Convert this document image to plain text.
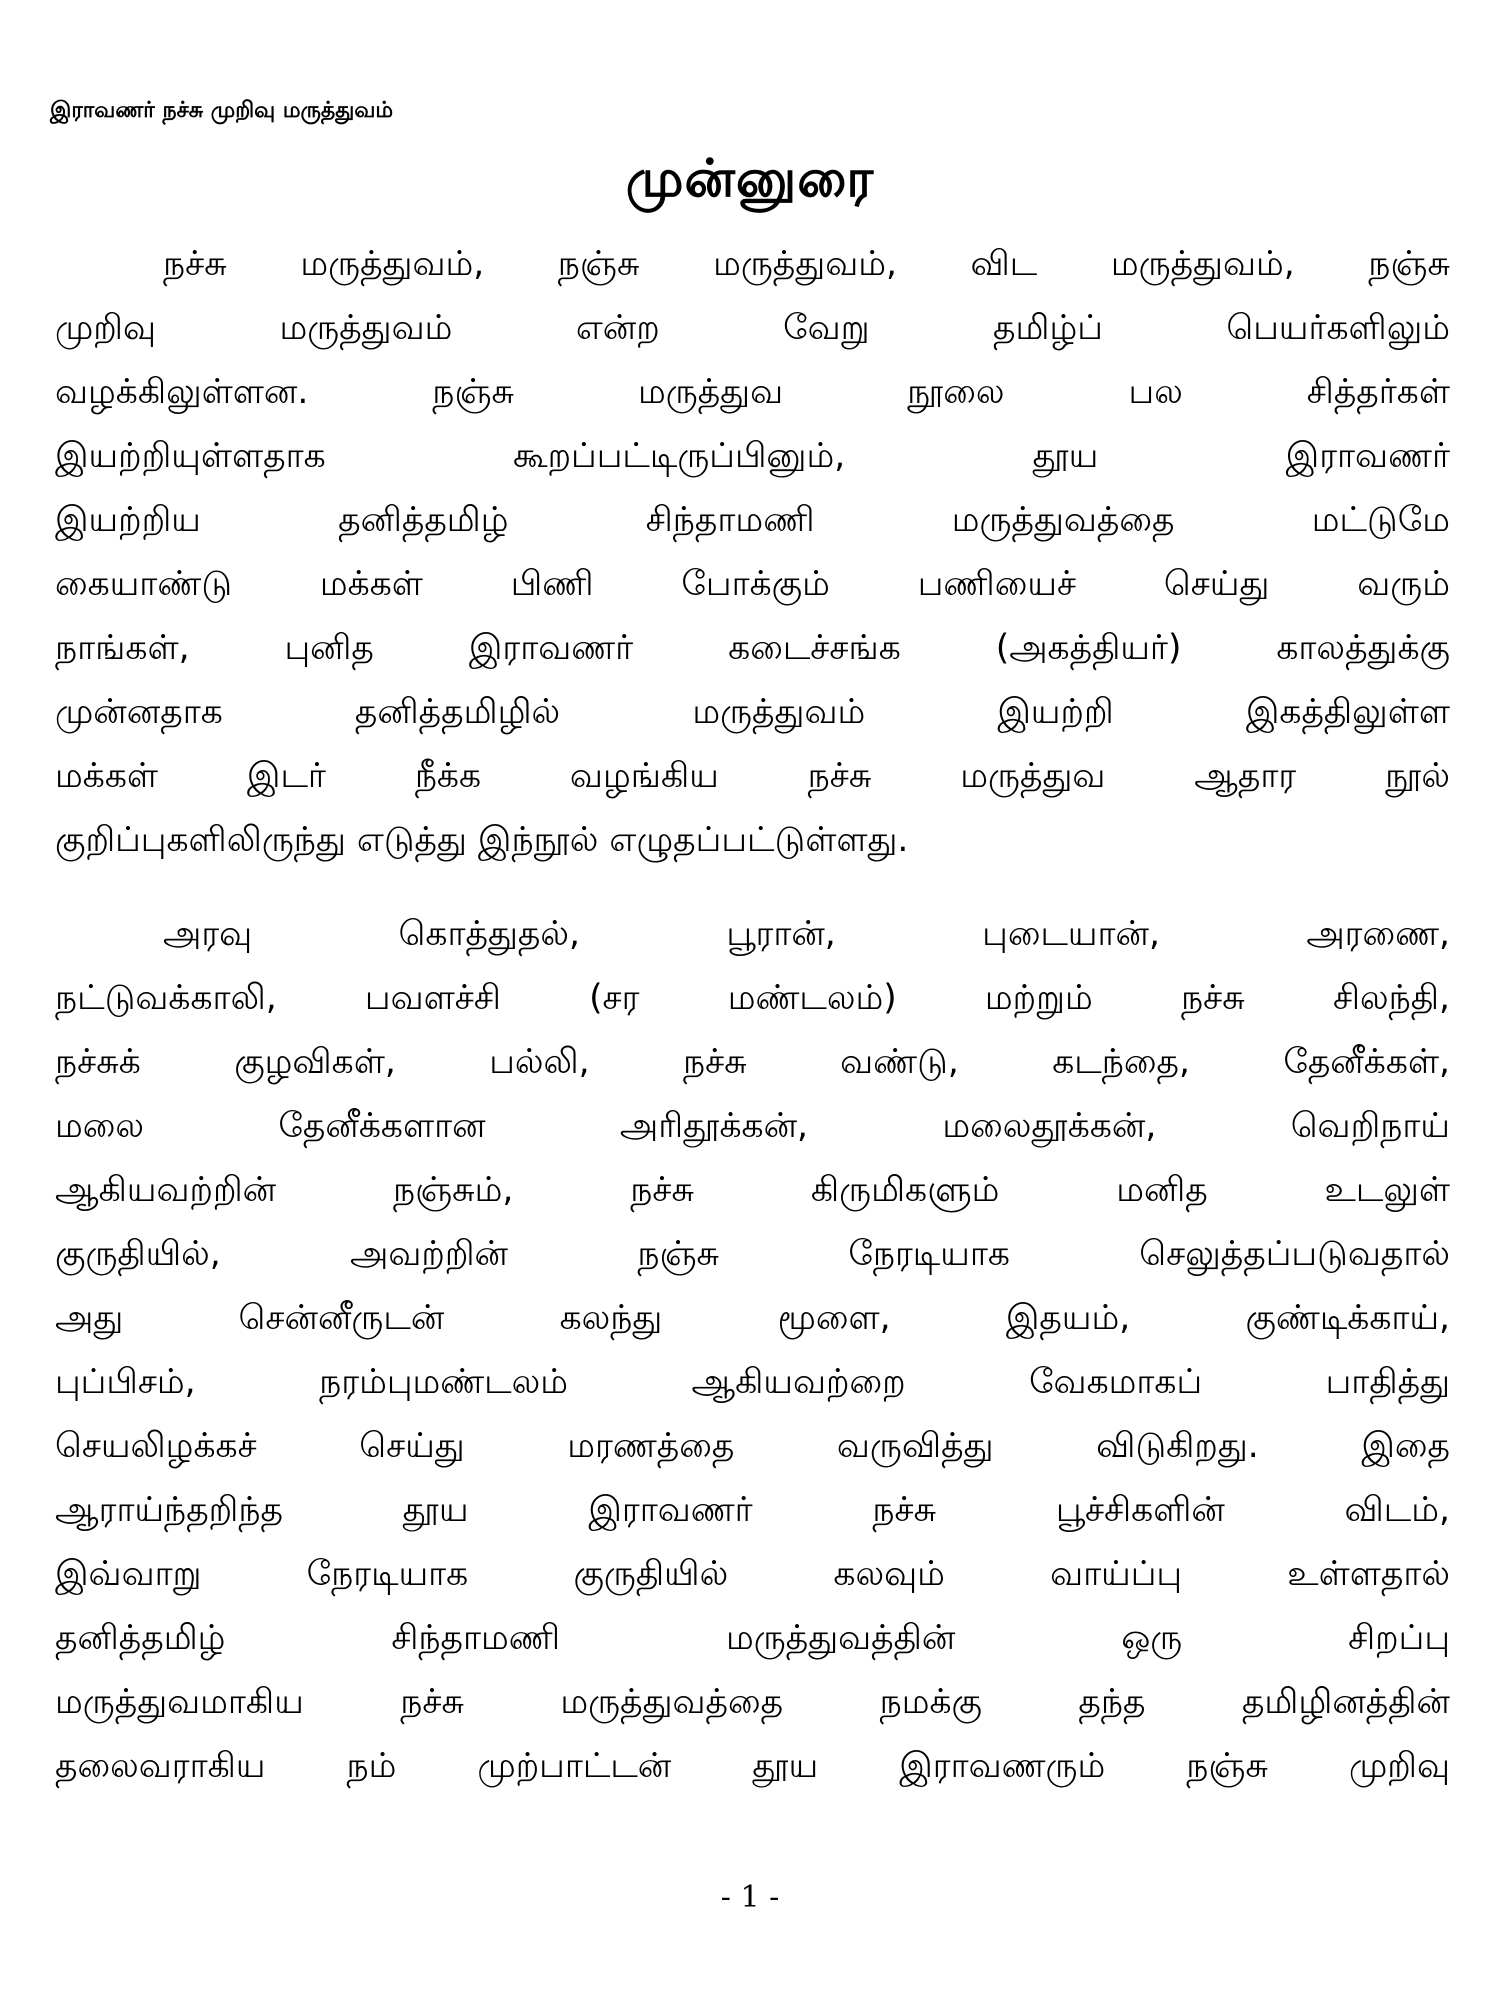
இராவணர் நச்சு முறிவு மருத்துவம்
முன்னுரை
நச்சு மருத்துவம், நஞ்சு மருத்துவம், விட மருத்துவம், நஞ்சு
முறிவு மருத்துவம் என்ற வேறு தமிழ்ப் பெயர்களிலும்
வழக்கிலுள்ளன. நஞ்சு மருத்துவ நூலை பல சித்தர்கள்
இயற்றியுள்ளதாக கூறப்பட்டிருப்பினும், தூய இராவணர்
இயற்றிய தனித்தமிழ் சிந்தாமணி மருத்துவத்தை மட்டுமே
கையாண்டு மக்கள் பிணி போக்கும் பணியைச் செய்து வரும்
நாங்கள், புனித இராவணர் கடைச்சங்க (அகத்தியர்) காலத்துக்கு
முன்னதாக தனித்தமிழில் மருத்துவம் இயற்றி இகத்திலுள்ள
மக்கள் இடர் நீக்க வழங்கிய நச்சு மருத்துவ ஆதார நூல்
குறிப்புகளிலிருந்து எடுத்து இந்நூல் எழுதப்பட்டுள்ளது.
அரவு கொத்துதல், பூரான், புடையான், அரணை,
நட்டுவக்காலி, பவளச்சி (சர மண்டலம்) மற்றும் நச்சு சிலந்தி,
நச்சுக் குழவிகள், பல்லி, நச்சு வண்டு, கடந்தை, தேனீக்கள்,
மலை தேனீக்களான அரிதூக்கன், மலைதூக்கன், வெறிநாய்
ஆகியவற்றின் நஞ்சும், நச்சு கிருமிகளும் மனித உடலுள்
குருதியில், அவற்றின் நஞ்சு நேரடியாக செலுத்தப்படுவதால்
அது சென்னீருடன் கலந்து மூளை, இதயம், குண்டிக்காய்,
புப்பிசம், நரம்புமண்டலம் ஆகியவற்றை வேகமாகப் பாதித்து
செயலிழக்கச் செய்து மரணத்தை வருவித்து விடுகிறது. இதை
ஆராய்ந்தறிந்த தூய இராவணர் நச்சு பூச்சிகளின் விடம்,
இவ்வாறு நேரடியாக குருதியில் கலவும் வாய்ப்பு உள்ளதால்
தனித்தமிழ் சிந்தாமணி மருத்துவத்தின் ஒரு சிறப்பு
மருத்துவமாகிய நச்சு மருத்துவத்தை நமக்கு தந்த தமிழினத்தின்
தலைவராகிய நம் முற்பாட்டன் தூய இராவணரும் நஞ்சு முறிவு
- 1 -
